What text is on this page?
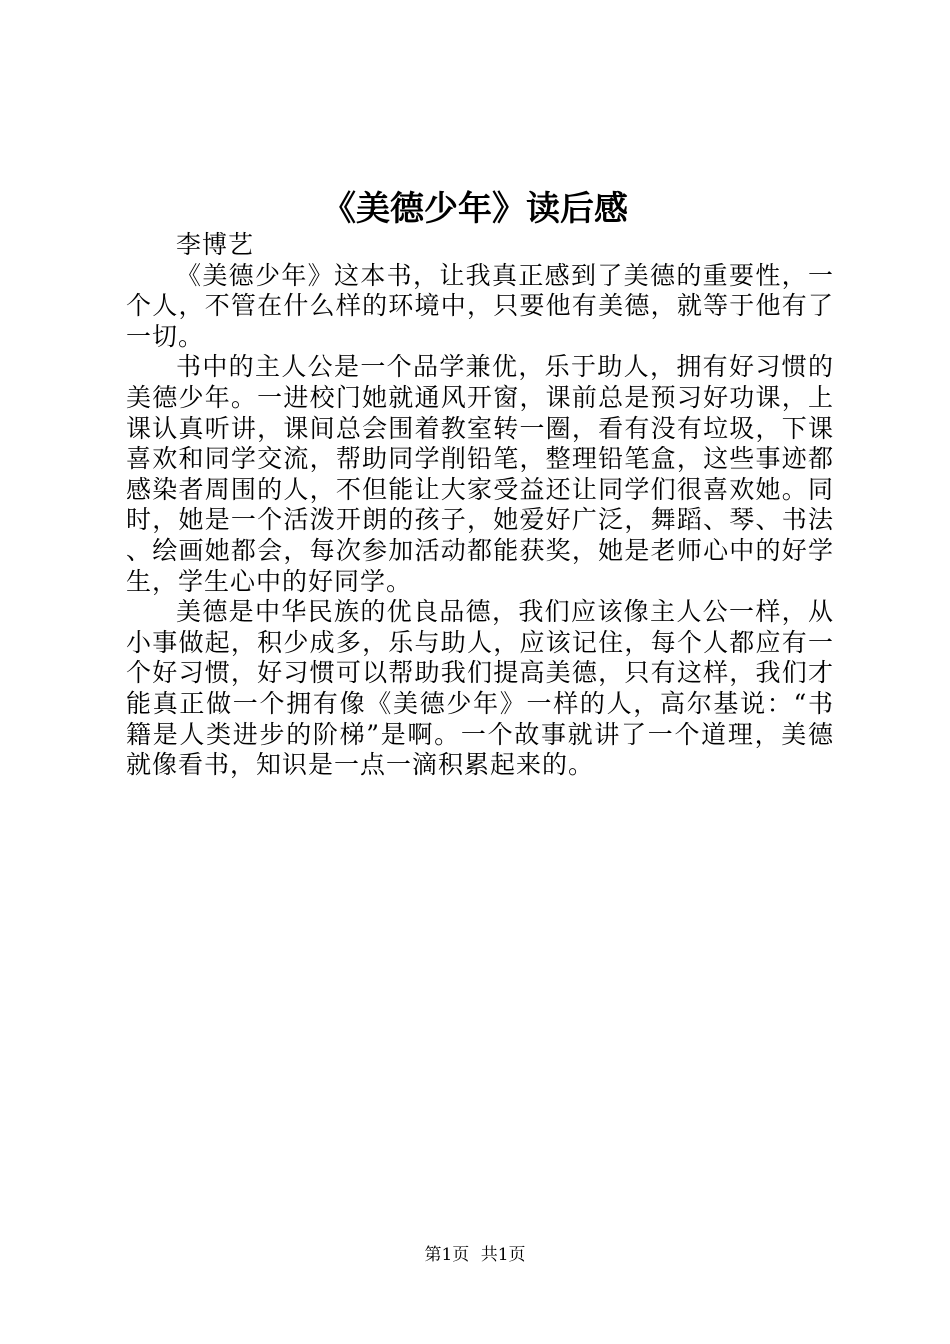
《美德少年》读后感

李博艺

《美德少年》这本书，让我真正感到了美德的重要性，一个人，不管在什么样的环境中，只要他有美德，就等于他有了一切。

书中的主人公是一个品学兼优，乐于助人，拥有好习惯的美德少年。一进校门她就通风开窗，课前总是预习好功课，上课认真听讲，课间总会围着教室转一圈，看有没有垃圾，下课喜欢和同学交流，帮助同学削铅笔，整理铅笔盒，这些事迹都感染者周围的人，不但能让大家受益还让同学们很喜欢她。同时，她是一个活泼开朗的孩子，她爱好广泛，舞蹈、琴、书法、绘画她都会，每次参加活动都能获奖，她是老师心中的好学生，学生心中的好同学。

美德是中华民族的优良品德，我们应该像主人公一样，从小事做起，积少成多，乐与助人，应该记住，每个人都应有一个好习惯，好习惯可以帮助我们提高美德，只有这样，我们才能真正做一个拥有像《美德少年》一样的人，高尔基说：“书籍是人类进步的阶梯”是啊。一个故事就讲了一个道理，美德就像看书，知识是一点一滴积累起来的。

第1页 共1页
